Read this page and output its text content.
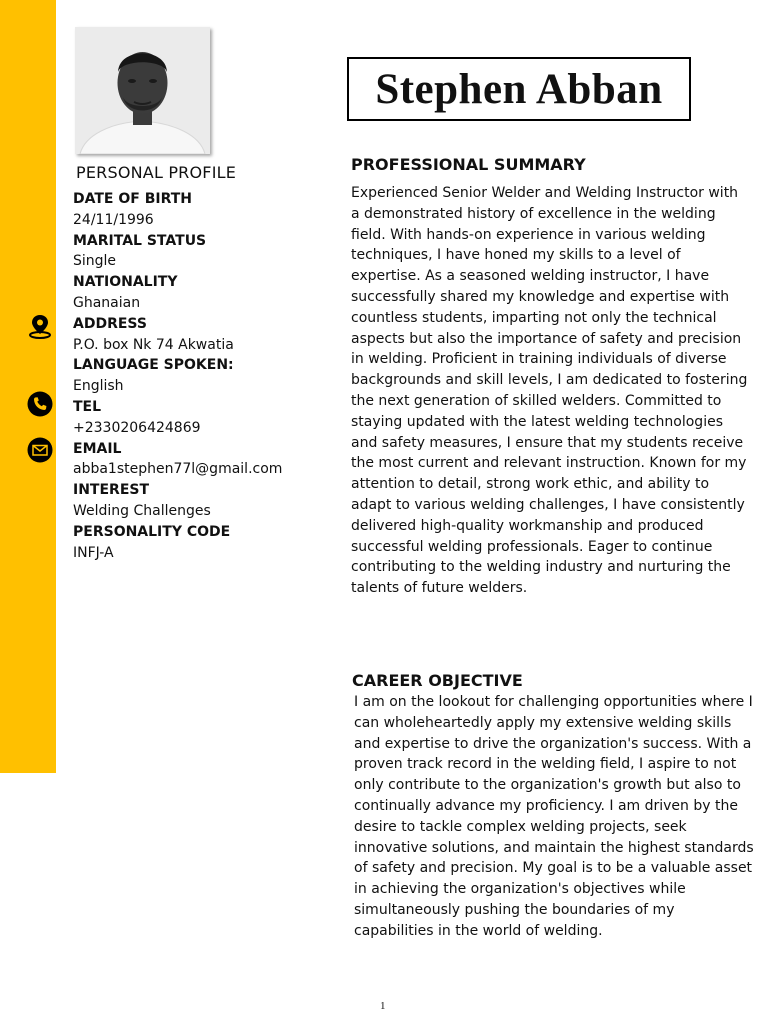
PERSONAL PROFILE
DATE OF BIRTH
24/11/1996
MARITAL STATUS
Single
NATIONALITY
Ghanaian
ADDRESS
P.O. box Nk 74 Akwatia
LANGUAGE SPOKEN:
English
TEL
+2330206424869
EMAIL
abba1stephen77l@gmail.com
INTEREST
Welding Challenges
PERSONALITY CODE
INFJ-A
Stephen Abban
PROFESSIONAL SUMMARY

Experienced Senior Welder and Welding Instructor with a demonstrated history of excellence in the welding field. With hands-on experience in various welding techniques, I have honed my skills to a level of expertise. As a seasoned welding instructor, I have successfully shared my knowledge and expertise with countless students, imparting not only the technical aspects but also the importance of safety and precision in welding. Proficient in training individuals of diverse backgrounds and skill levels, I am dedicated to fostering the next generation of skilled welders. Committed to staying updated with the latest welding technologies and safety measures, I ensure that my students receive the most current and relevant instruction. Known for my attention to detail, strong work ethic, and ability to adapt to various welding challenges, I have consistently delivered high-quality workmanship and produced successful welding professionals. Eager to continue contributing to the welding industry and nurturing the talents of future welders.

CAREER OBJECTIVE

I am on the lookout for challenging opportunities where I can wholeheartedly apply my extensive welding skills and expertise to drive the organization's success. With a proven track record in the welding field, I aspire to not only contribute to the organization's growth but also to continually advance my proficiency. I am driven by the desire to tackle complex welding projects, seek innovative solutions, and maintain the highest standards of safety and precision. My goal is to be a valuable asset in achieving the organization's objectives while simultaneously pushing the boundaries of my capabilities in the world of welding.

1
